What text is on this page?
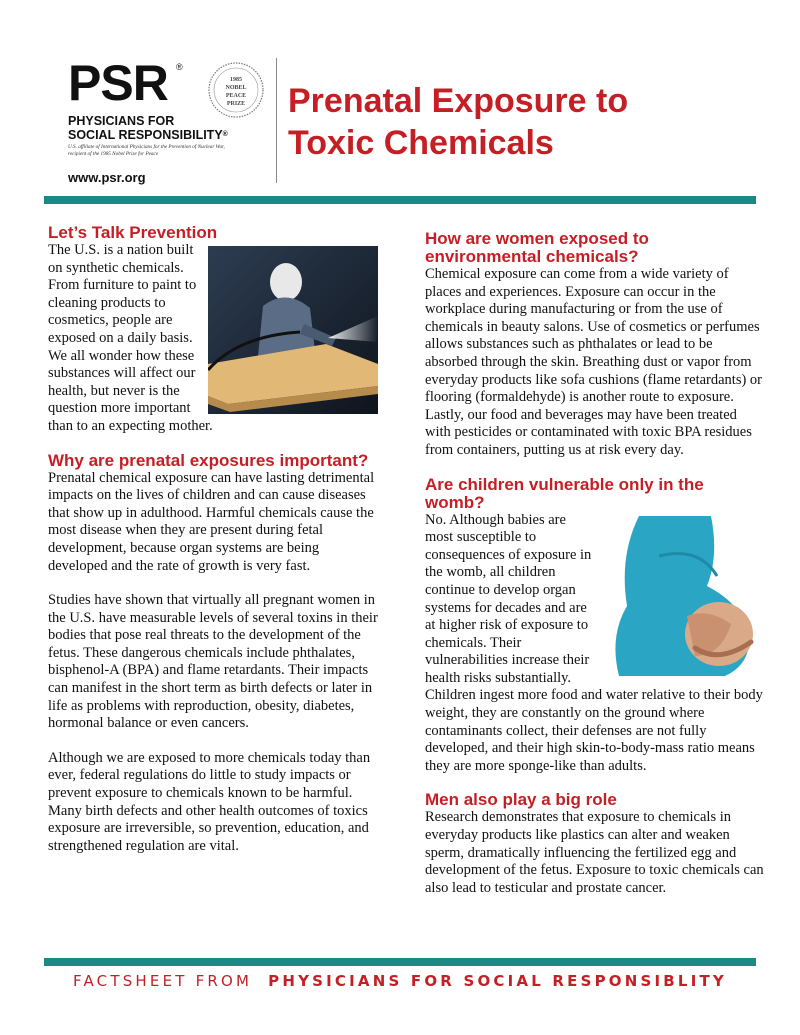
PSR ®
1985
NOBEL
PEACE
PRIZE
PHYSICIANS FOR
SOCIAL RESPONSIBILITY®
U.S. affiliate of International Physicians for the Prevention of Nuclear War,
recipient of the 1985 Nobel Prize for Peace
www.psr.org
Prenatal Exposure to
Toxic Chemicals
Let’s Talk Prevention

The U.S. is a nation built on synthetic chemicals. From furniture to paint to cleaning products to cosmetics, people are exposed on a daily basis. We all wonder how these substances will affect our health, but never is the question more important than to an expecting mother.

Why are prenatal exposures important?

Prenatal chemical exposure can have lasting detrimental impacts on the lives of children and can cause diseases that show up in adulthood. Harmful chemicals cause the most disease when they are present during fetal development, because organ systems are being developed and the rate of growth is very fast.

Studies have shown that virtually all pregnant women in the U.S. have measurable levels of several toxins in their bodies that pose real threats to the development of the fetus. These dangerous chemicals include phthalates, bisphenol-A (BPA) and flame retardants. Their impacts can manifest in the short term as birth defects or later in life as problems with reproduction, obesity, diabetes, hormonal balance or even cancers.

Although we are exposed to more chemicals today than ever, federal regulations do little to study impacts or prevent exposure to chemicals known to be harmful. Many birth defects and other health outcomes of toxics exposure are irreversible, so prevention, education, and strengthened regulation are vital.

How are women exposed to environmental chemicals?

Chemical exposure can come from a wide variety of places and experiences. Exposure can occur in the workplace during manufacturing or from the use of chemicals in beauty salons. Use of cosmetics or perfumes allows substances such as phthalates or lead to be absorbed through the skin. Breathing dust or vapor from everyday products like sofa cushions (flame retardants) or flooring (formaldehyde) is another route to exposure. Lastly, our food and beverages may have been treated with pesticides or contaminated with toxic BPA residues from containers, putting us at risk every day.

Are children vulnerable only in the womb?

No. Although babies are most susceptible to consequences of exposure in the womb, all children continue to develop organ systems for decades and are at higher risk of exposure to chemicals. Their vulnerabilities increase their health risks substantially. Children ingest more food and water relative to their body weight, they are constantly on the ground where contaminants collect, their defenses are not fully developed, and their high skin-to-body-mass ratio means they are more sponge-like than adults.

Men also play a big role

Research demonstrates that exposure to chemicals in everyday products like plastics can alter and weaken sperm, dramatically influencing the fertilized egg and development of the fetus. Exposure to toxic chemicals can also lead to testicular and prostate cancer.

FACTSHEET FROM PHYSICIANS FOR SOCIAL RESPONSIBLITY
